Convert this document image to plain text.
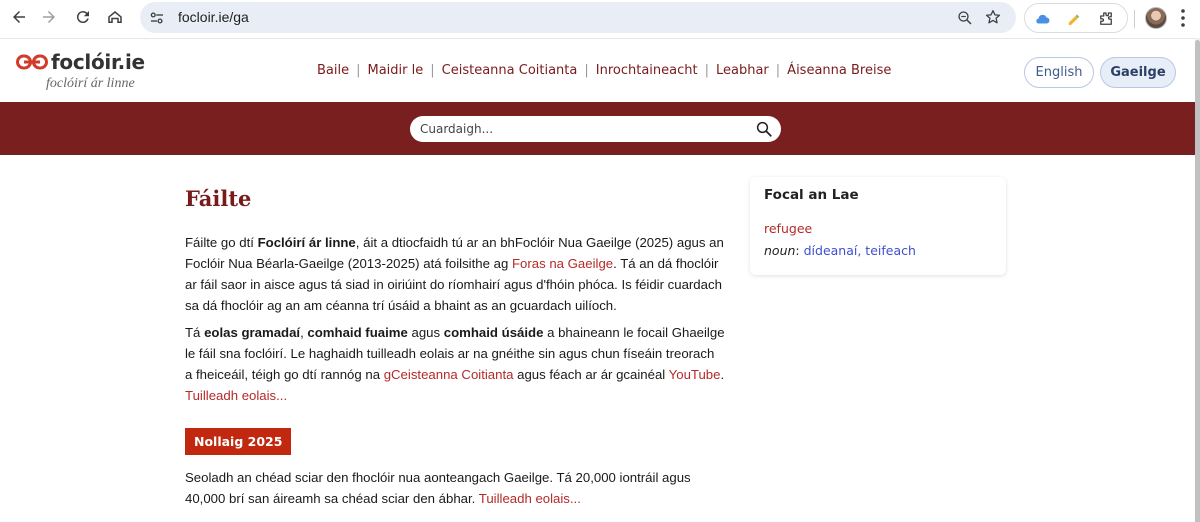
focloir.ie/ga
foclóir.ie
foclóirí ár linne
Baile | Maidir le | Ceisteanna Coitianta | Inrochtaineacht | Leabhar | Áiseanna Breise	English	Gaeilge
Cuardaigh...
Fáilte

Fáilte go dtí Foclóirí ár linne, áit a dtiocfaidh tú ar an bhFoclóir Nua Gaeilge (2025) agus an Foclóir Nua Béarla-Gaeilge (2013-2025) atá foilsithe ag Foras na Gaeilge. Tá an dá fhoclóir ar fáil saor in aisce agus tá siad in oiriúint do ríomhairí agus d'fhóin phóca. Is féidir cuardach sa dá fhoclóir ag an am céanna trí úsáid a bhaint as an gcuardach uilíoch.

Tá eolas gramadaí, comhaid fuaime agus comhaid úsáide a bhaineann le focail Ghaeilge le fáil sna foclóirí. Le haghaidh tuilleadh eolais ar na gnéithe sin agus chun físeáin treorach a fheiceáil, téigh go dtí rannóg na gCeisteanna Coitianta agus féach ar ár gcainéal YouTube. Tuilleadh eolais...

Nollaig 2025

Seoladh an chéad sciar den fhoclóir nua aonteangach Gaeilge. Tá 20,000 iontráil agus 40,000 brí san áireamh sa chéad sciar den ábhar. Tuilleadh eolais...

Focal an Lae
refugee
noun: dídeanaí, teifeach
